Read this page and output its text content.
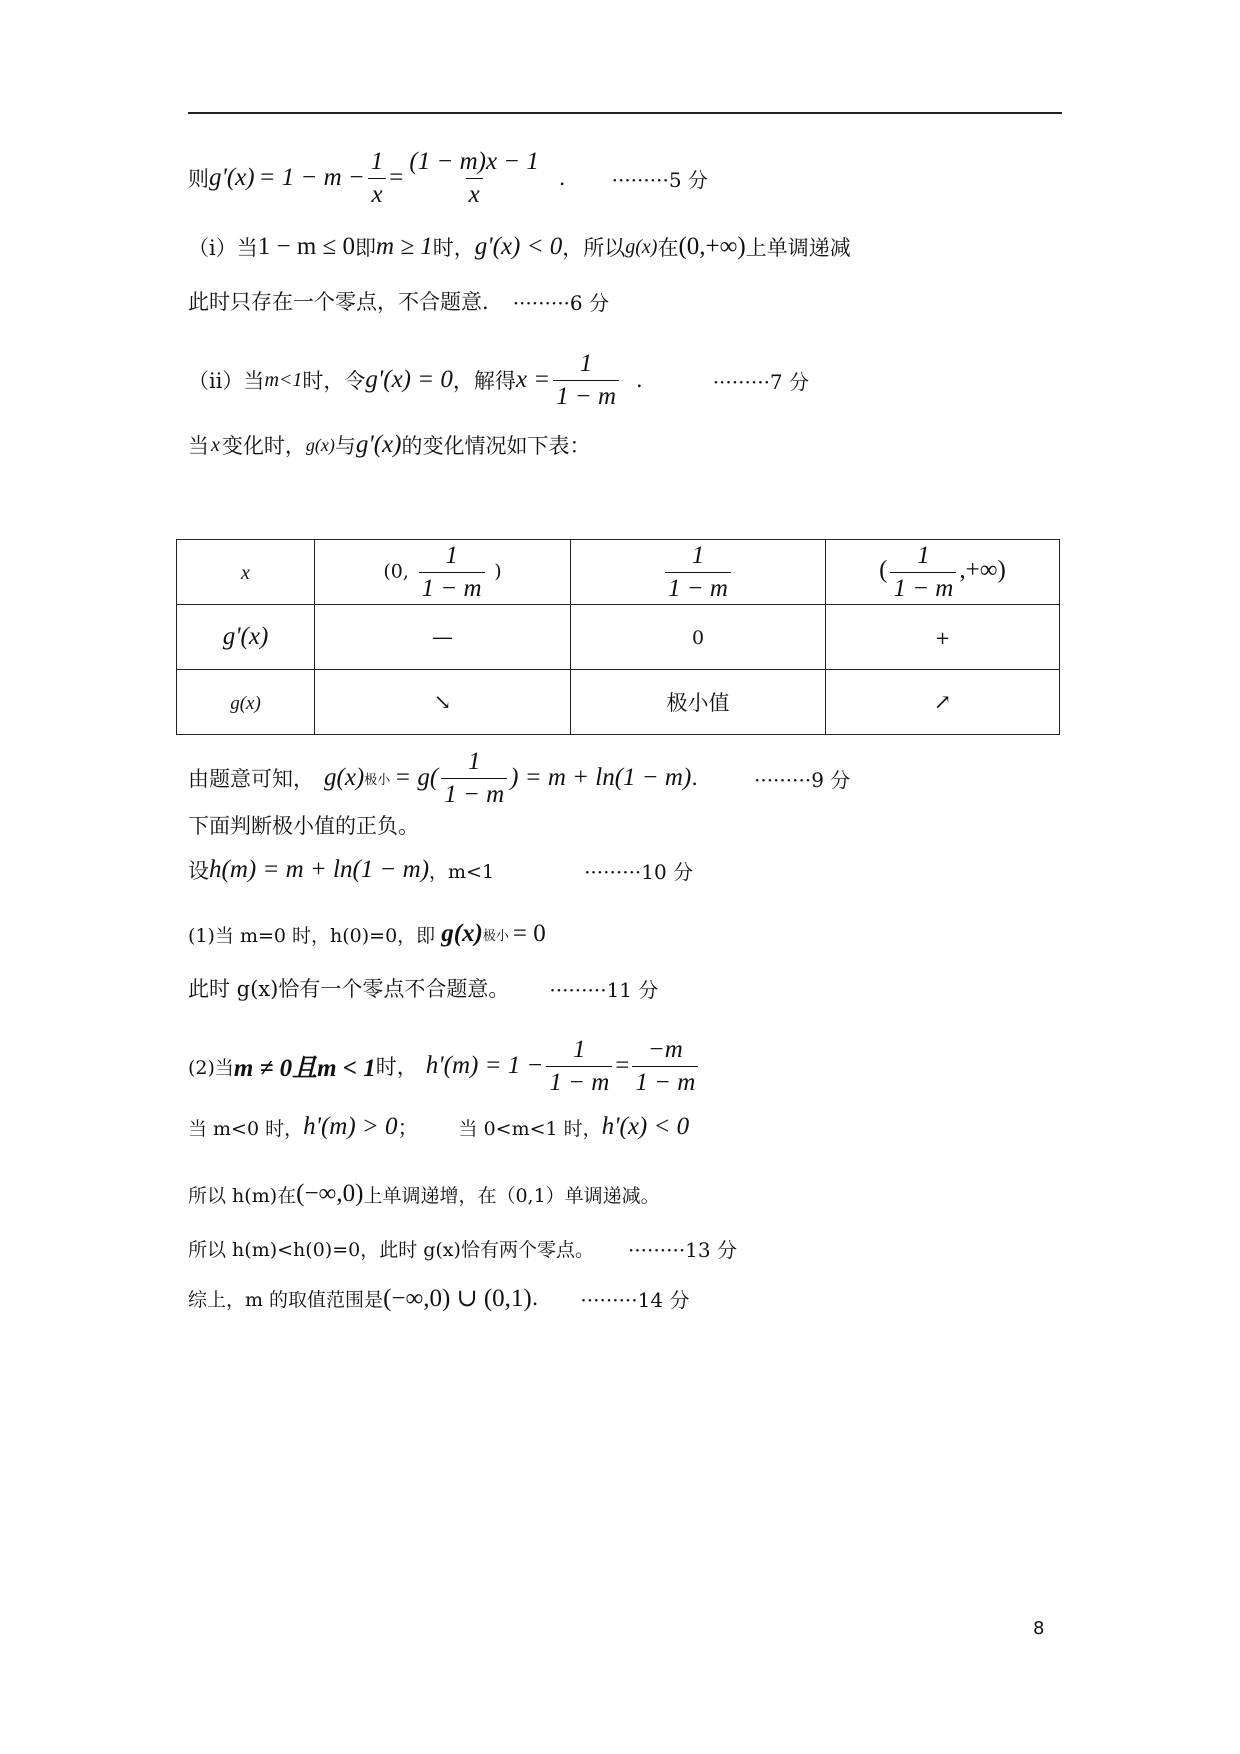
则 $g'(x) = 1 - m - \frac{1}{x} = \frac{(1 - m)x - 1}{x}$ . ·········5 分
（ⅰ）当 1 − m ≤ 0 即 m ≥ 1 时， g'(x) < 0 ，所以 g(x) 在 (0,+∞) 上单调递减
此时只存在一个零点，不合题意. ·········6 分
（ⅱ）当 m<1 时，令 g'(x) = 0 ，解得 $x = \frac{1}{1 - m}$ .	·········7 分
当 x 变化时， g(x) 与 g'(x) 的变化情况如下表：
x	(0, $\frac{1}{1 - m}$ )	$\frac{1}{1 - m}$	( $\frac{1}{1 - m}$ ,+∞)
g'(x)	—	0	+
g(x)	↘	极小值	↗
由题意可知， g(x) 极小 = $g( \frac{1}{1 - m}$ ) = m + ln(1 − m) .	·········9 分
下面判断极小值的正负。
设 h(m) = m + ln(1 − m) ，m<1	·········10 分
(1)当 m=0 时，h(0)=0，即 g(x) 极小 = 0
此时 g(x)恰有一个零点不合题意。 ·········11 分
(2)当 m ≠ 0且m < 1 时， $h'(m) = 1 - \frac{1}{1 - m} = \frac{-m}{1 - m}$
当 m<0 时， h'(m) > 0 ； 当 0<m<1 时， h'(x) < 0
所以 h(m)在 (−∞,0) 上单调递增，在（0,1）单调递减。
所以 h(m)<h(0)=0，此时 g(x)恰有两个零点。 ·········13 分
综上，m 的取值范围是 (−∞,0) ∪ (0,1) . ·········14 分
8
